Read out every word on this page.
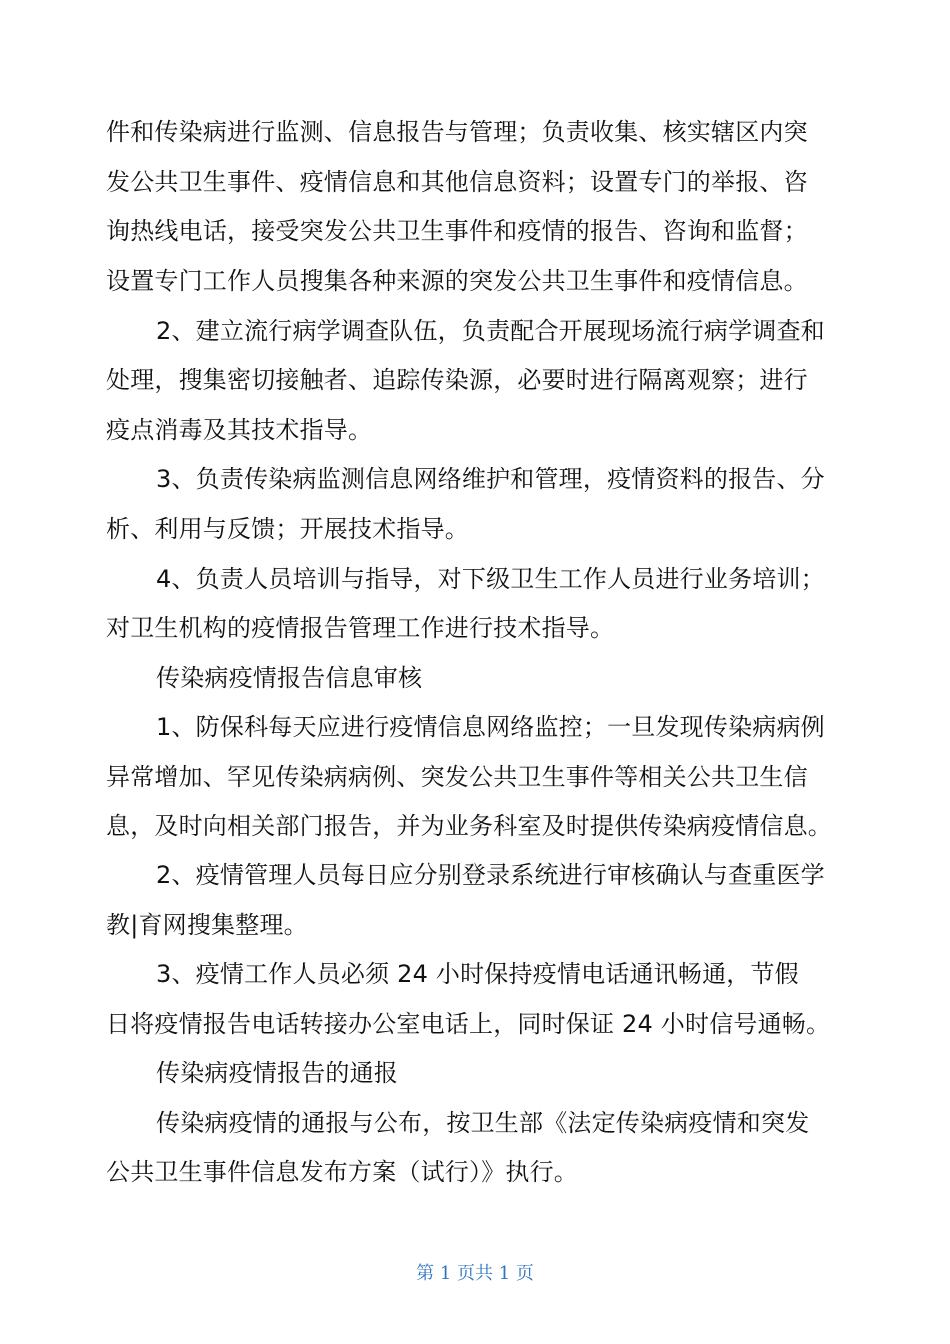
件和传染病进行监测、信息报告与管理；负责收集、核实辖区内突
发公共卫生事件、疫情信息和其他信息资料；设置专门的举报、咨
询热线电话，接受突发公共卫生事件和疫情的报告、咨询和监督；
设置专门工作人员搜集各种来源的突发公共卫生事件和疫情信息。
2、建立流行病学调查队伍，负责配合开展现场流行病学调查和
处理，搜集密切接触者、追踪传染源，必要时进行隔离观察；进行
疫点消毒及其技术指导。
3、负责传染病监测信息网络维护和管理，疫情资料的报告、分
析、利用与反馈；开展技术指导。
4、负责人员培训与指导，对下级卫生工作人员进行业务培训；
对卫生机构的疫情报告管理工作进行技术指导。
传染病疫情报告信息审核
1、防保科每天应进行疫情信息网络监控；一旦发现传染病病例
异常增加、罕见传染病病例、突发公共卫生事件等相关公共卫生信
息，及时向相关部门报告，并为业务科室及时提供传染病疫情信息。
2、疫情管理人员每日应分别登录系统进行审核确认与查重医学
教|育网搜集整理。
3、疫情工作人员必须 24 小时保持疫情电话通讯畅通，节假
日将疫情报告电话转接办公室电话上，同时保证 24 小时信号通畅。
传染病疫情报告的通报
传染病疫情的通报与公布，按卫生部《法定传染病疫情和突发
公共卫生事件信息发布方案（试行）》执行。
第 1 页共 1 页
